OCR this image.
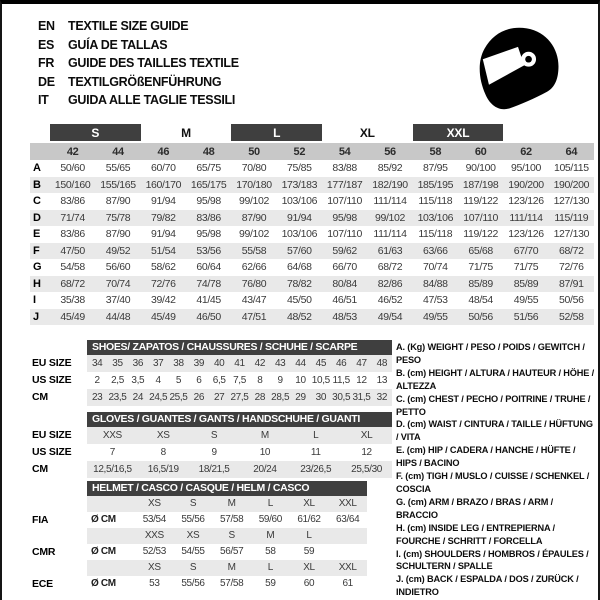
EN	TEXTILE SIZE GUIDE
ES	GUÍA DE TALLAS
FR	GUIDE DES TAILLES TEXTILE
DE	TEXTILGRÖßENFÜHRUNG
IT	GUIDA ALLE TAGLIE TESSILI
S	M	L	XL	XXL
42	44	46	48	50	52	54	56	58	60	62	64
A	50/60	55/65	60/70	65/75	70/80	75/85	83/88	85/92	87/95	90/100	95/100	105/115
B	150/160 155/165 160/170 165/175 170/180 173/183 177/187 182/190 185/195 187/198 190/200 190/200
C	83/86	87/90	91/94	95/98	99/102	103/106 107/110	111/114	115/118	119/122 123/126 127/130
D	71/74	75/78	79/82	83/86	87/90	91/94	95/98	99/102	103/106 107/110	111/114	115/119
E	83/86	87/90	91/94	95/98	99/102	103/106 107/110	111/114	115/118	119/122 123/126 127/130
F	47/50	49/52	51/54	53/56	55/58	57/60	59/62	61/63	63/66	65/68	67/70	68/72
G	54/58	56/60	58/62	60/64	62/66	64/68	66/70	68/72	70/74	71/75	71/75	72/76
H	68/72	70/74	72/76	74/78	76/80	78/82	80/84	82/86	84/88	85/89	85/89	87/91
I	35/38	37/40	39/42	41/45	43/47	45/50	46/51	46/52	47/53	48/54	49/55	50/56
J	45/49	44/48	45/49	46/50	47/51	48/52	48/53	49/54	49/55	50/56	51/56	52/58
SHOES/ ZAPATOS / CHAUSSURES / SCHUHE / SCARPE
EU SIZE	34 35 36 37 38 39 40 41 42 43 44 45 46 47 48
US SIZE	2	2,5 3,5	4	5	6	6,5 7,5	8	9	10 10,5 11,5 12 13
CM	23 23,5 24 24,5 25,5 26 27 27,5 28 28,5 29 30 30,5 31,5 32
GLOVES / GUANTES / GANTS / HANDSCHUHE / GUANTI
EU SIZE	XXS	XS	S	M	L	XL
US SIZE	7	8	9	10	11	12
CM	12,5/16,5	16,5/19	18/21,5	20/24	23/26,5	25,5/30
HELMET / CASCO / CASQUE / HELM / CASCO
XS	S	M	L	XL	XXL
FIA	Ø CM	53/54	55/56	57/58	59/60	61/62	63/64
XXS	XS	S	M	L
CMR	Ø CM	52/53	54/55	56/57	58	59
XS	S	M	L	XL	XXL
ECE	Ø CM	53	55/56	57/58	59	60	61
A. (Kg) WEIGHT / PESO / POIDS / GEWITCH / PESO
B. (cm) HEIGHT / ALTURA / HAUTEUR / HÖHE / ALTEZZA
C. (cm) CHEST / PECHO / POITRINE / TRUHE / PETTO
D. (cm) WAIST / CINTURA / TAILLE / HÜFTUNG / VITA
E. (cm) HIP / CADERA / HANCHE / HÜFTE / HIPS / BACINO
F. (cm) TIGH / MUSLO / CUISSE / SCHENKEL / COSCIA
G. (cm) ARM / BRAZO / BRAS / ARM / BRACCIO
H. (cm) INSIDE LEG / ENTREPIERNA / FOURCHE / SCHRITT / FORCELLA
I. (cm) SHOULDERS / HOMBROS / ÉPAULES / SCHULTERN / SPALLE
J. (cm) BACK / ESPALDA / DOS / ZURÜCK / INDIETRO
